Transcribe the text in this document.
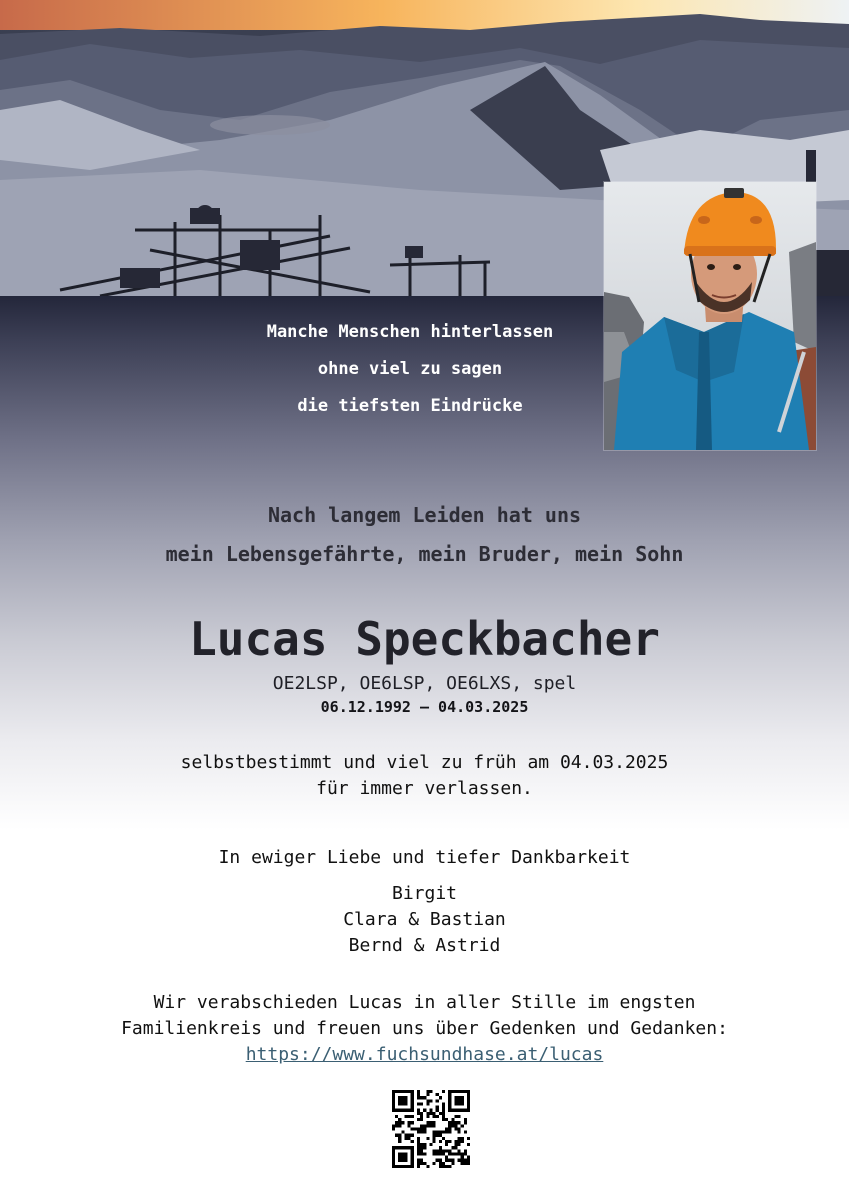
Manche Menschen hinterlassen
ohne viel zu sagen
die tiefsten Eindrücke
Nach langem Leiden hat uns
mein Lebensgefährte, mein Bruder, mein Sohn
Lucas Speckbacher
OE2LSP, OE6LSP, OE6LXS, spel
06.12.1992 – 04.03.2025
selbstbestimmt und viel zu früh am 04.03.2025
für immer verlassen.
In ewiger Liebe und tiefer Dankbarkeit
Birgit
Clara & Bastian
Bernd & Astrid
Wir verabschieden Lucas in aller Stille im engsten
Familienkreis und freuen uns über Gedenken und Gedanken:
https://www.fuchsundhase.at/lucas
